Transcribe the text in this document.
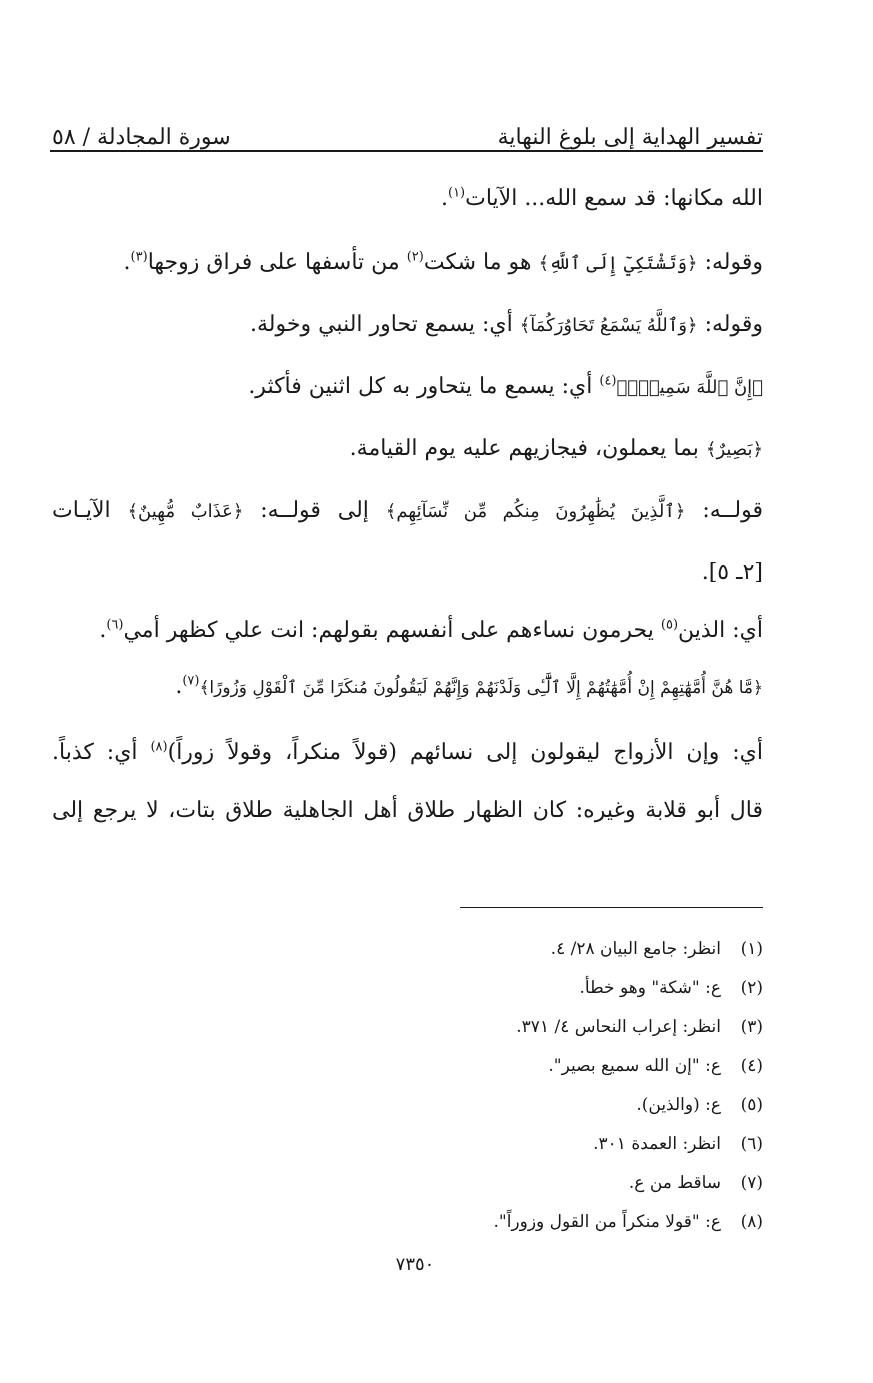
تفسير الهداية إلى بلوغ النهاية
سورة المجادلة / ٥٨
الله مكانها: قد سمع الله... الآيات$^{(١)}$.
وقوله: ﴿وَتَشْتَكِيٓ إِلَى ٱللَّهِ﴾ هو ما شكت$^{(٢)}$ من تأسفها على فراق زوجها$^{(٣)}$.
وقوله: ﴿وَٱللَّهُ يَسْمَعُ تَحَاوُرَكُمَآ﴾ أي: يسمع تحاور النبي وخولة.
﴿إِنَّ ٱللَّهَ سَمِيعٌۢ﴾$^{(٤)}$ أي: يسمع ما يتحاور به كل اثنين فأكثر.
﴿بَصِيرٌ﴾ بما يعملون، فيجازيهم عليه يوم القيامة.
قولــه: ﴿ٱلَّذِينَ يُظَٰهِرُونَ مِنكُم مِّن نِّسَآئِهِم﴾ إلى قولــه: ﴿عَذَابٌ مُّهِينٌ﴾ الآيـات
[٢ـ ٥].
أي: الذين$^{(٥)}$ يحرمون نساءهم على أنفسهم بقولهم: انت علي كظهر أمي$^{(٦)}$.
﴿مَّا هُنَّ أُمَّهَٰتِهِمْ إِنْ أُمَّهَٰتُهُمْ إِلَّا ٱلَّٰٓـِٔى وَلَدْنَهُمْ وَإِنَّهُمْ لَيَقُولُونَ مُنكَرًا مِّنَ ٱلْقَوْلِ وَزُورًا﴾$^{(٧)}$.
أي: وإن الأزواج ليقولون إلى نسائهم (قولاً منكراً، وقولاً زوراً)$^{(٨)}$ أي: كذباً.
قال أبو قلابة وغيره: كان الظهار طلاق أهل الجاهلية طلاق بتات، لا يرجع إلى
(١)
انظر: جامع البيان ٢٨/ ٤.
(٢)
ع: "شكة" وهو خطأ.
(٣)
انظر: إعراب النحاس ٤/ ٣٧١.
(٤)
ع: "إن الله سميع بصير".
(٥)
ع: (والذين).
(٦)
انظر: العمدة ٣٠١.
(٧)
ساقط من ع.
(٨)
ع: "قولا منكراً من القول وزوراً".
٧٣٥٠
